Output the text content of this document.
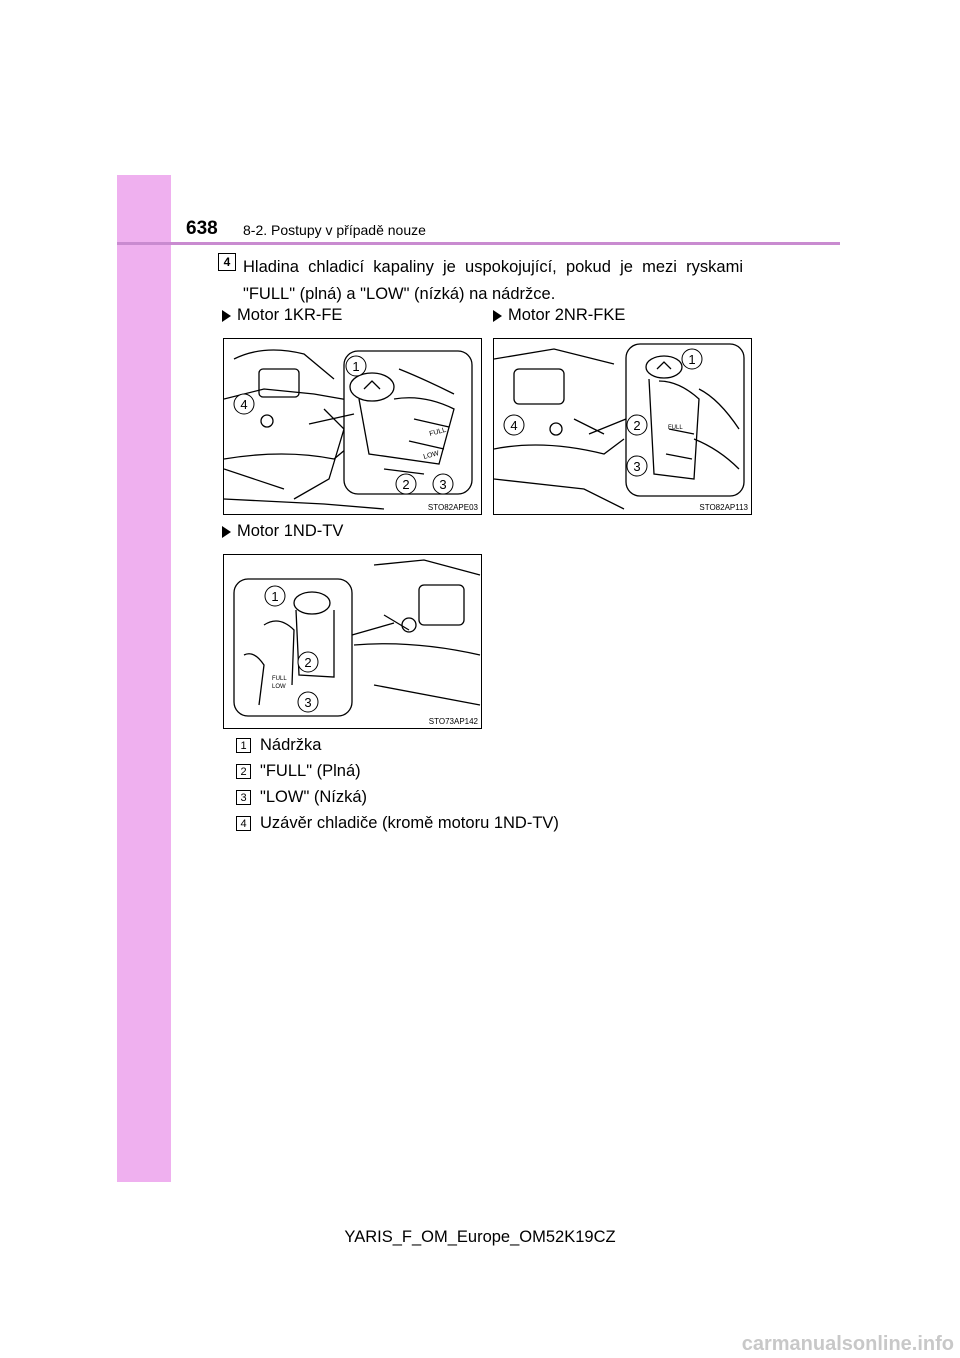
638 8-2. Postupy v případě nouze
4 Hladina chladicí kapaliny je uspokojující, pokud je mezi ryskami "FULL" (plná) a "LOW" (nízká) na nádržce.
Motor 1KR-FE	Motor 2NR-FKE
FULL
LOW
1
4
2 3
STO82APE03
FULL
1
2
3
4
STO82AP113
Motor 1ND-TV
FULL
LOW
1
2
3
STO73AP142
1 Nádržka
2 "FULL" (Plná)
3 "LOW" (Nízká)
4 Uzávěr chladiče (kromě motoru 1ND-TV)
YARIS_F_OM_Europe_OM52K19CZ
carmanualsonline.info
